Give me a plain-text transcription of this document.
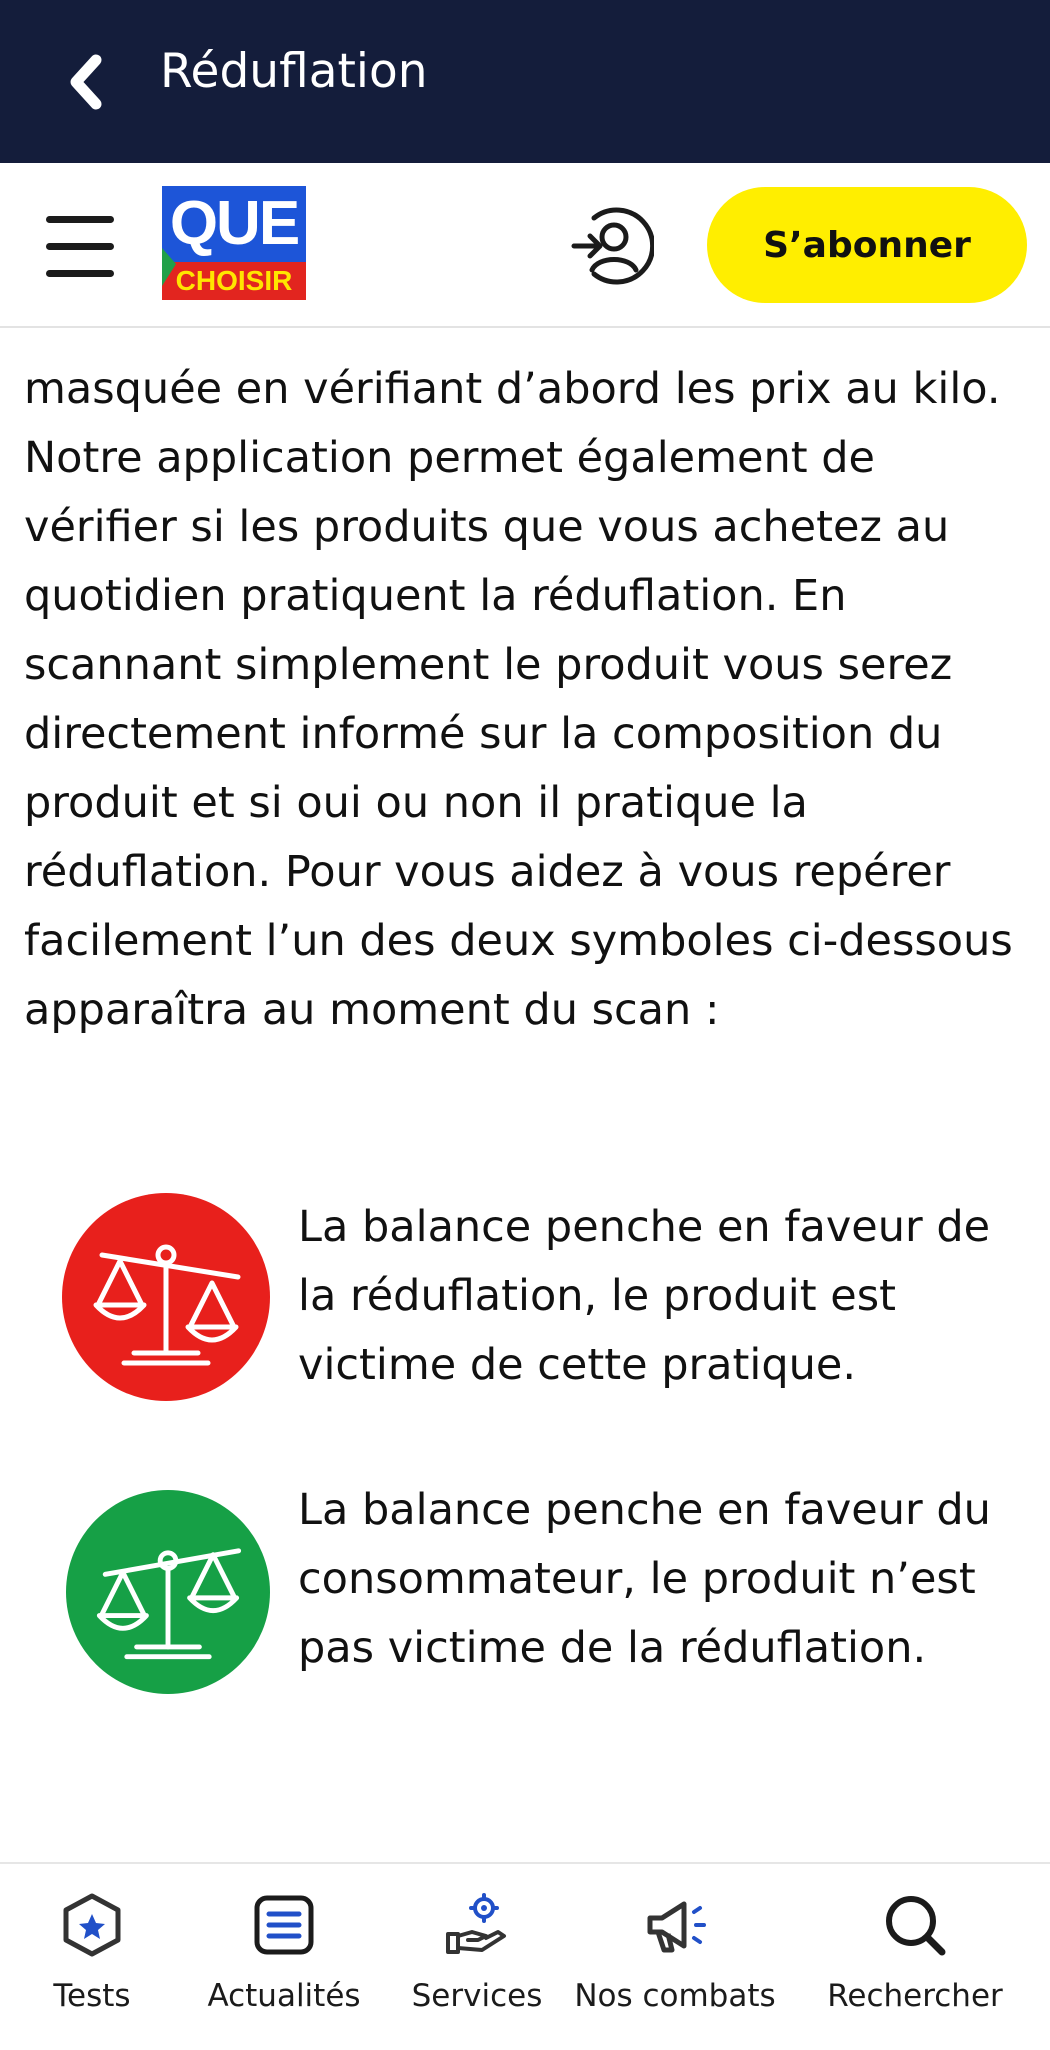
Réduflation
QUE
CHOISIR
S’abonner

masquée en vérifiant d’abord les prix au kilo.

Notre application permet également de vérifier si les produits que vous achetez au quotidien pratiquent la réduflation. En scannant simplement le produit vous serez directement informé sur la composition du produit et si oui ou non il pratique la réduflation. Pour vous aidez à vous repérer facilement l’un des deux symboles ci-dessous apparaîtra au moment du scan :

La balance penche en faveur de la réduflation, le produit est victime de cette pratique.
La balance penche en faveur du consommateur, le produit n’est pas victime de la réduflation.
Tests Actualités Services Nos combats Rechercher
